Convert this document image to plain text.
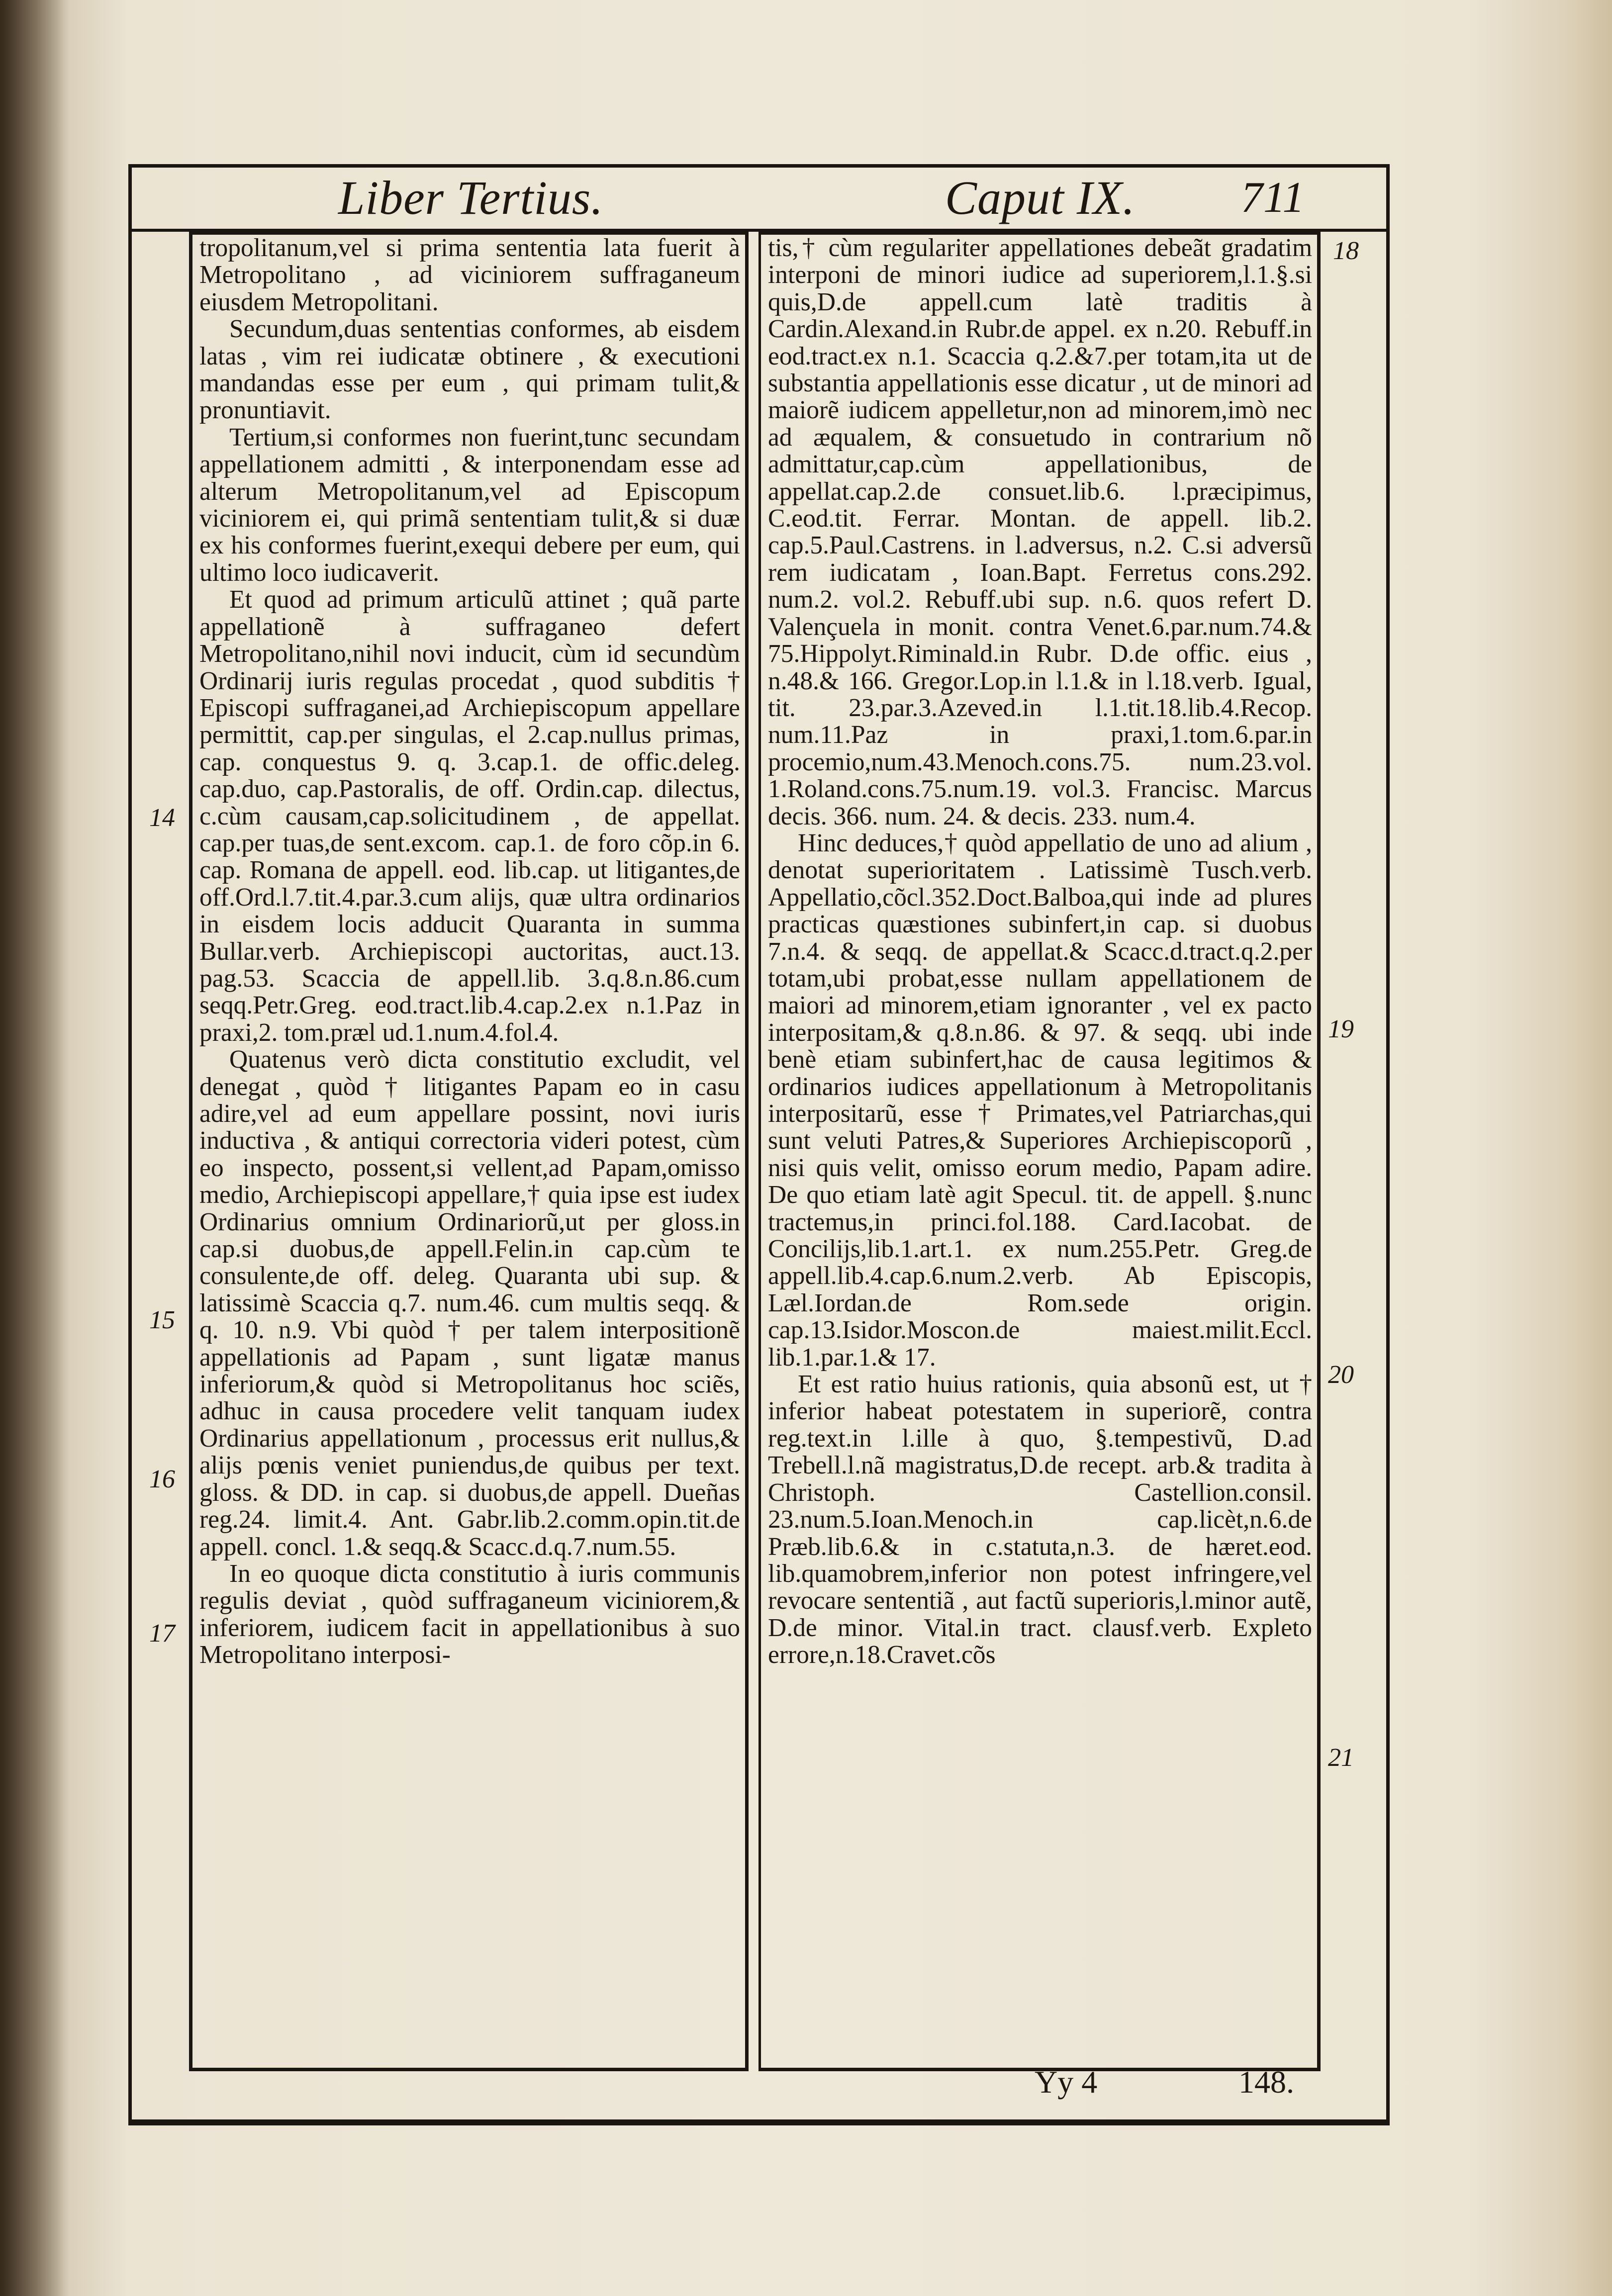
Liber Tertius.	Caput IX. 711

tropolitanum,vel si prima sententia lata fuerit à Metropolitano , ad viciniorem suffraganeum eiusdem Metropolitani.

Secundum,duas sententias conformes, ab eisdem latas , vim rei iudicatæ obtinere , & executioni mandandas esse per eum , qui primam tulit,& pronuntiavit.

Tertium,si conformes non fuerint,tunc secundam appellationem admitti , & interponendam esse ad alterum Metropolitanum,vel ad Episcopum viciniorem ei, qui primã sententiam tulit,& si duæ ex his conformes fuerint,exequi debere per eum, qui ultimo loco iudicaverit.

Et quod ad primum articulũ attinet ; quã parte appellationẽ à suffraganeo defert Metropolitano,nihil novi inducit, cùm id secundùm Ordinarij iuris regulas procedat , quod subditis † Episcopi suffraganei,ad Archiepiscopum appellare permittit, cap.per singulas, el 2.cap.nullus primas, cap. conquestus 9. q. 3.cap.1. de offic.deleg. cap.duo, cap.Pastoralis, de off. Ordin.cap. dilectus, c.cùm causam,cap.solicitudinem , de appellat. cap.per tuas,de sent.excom. cap.1. de foro cõp.in 6. cap. Romana de appell. eod. lib.cap. ut litigantes,de off.Ord.l.7.tit.4.par.3.cum alijs, quæ ultra ordinarios in eisdem locis adducit Quaranta in summa Bullar.verb. Archiepiscopi auctoritas, auct.13. pag.53. Scaccia de appell.lib. 3.q.8.n.86.cum seqq.Petr.Greg. eod.tract.lib.4.cap.2.ex n.1.Paz in praxi,2. tom.præl ud.1.num.4.fol.4.

Quatenus verò dicta constitutio excludit, vel denegat , quòd † litigantes Papam eo in casu adire,vel ad eum appellare possint, novi iuris inductiva , & antiqui correctoria videri potest, cùm eo inspecto, possent,si vellent,ad Papam,omisso medio, Archiepiscopi appellare,† quia ipse est iudex Ordinarius omnium Ordinariorũ,ut per gloss.in cap.si duobus,de appell.Felin.in cap.cùm te consulente,de off. deleg. Quaranta ubi sup. & latissimè Scaccia q.7. num.46. cum multis seqq. & q. 10. n.9. Vbi quòd † per talem interpositionẽ appellationis ad Papam , sunt ligatæ manus inferiorum,& quòd si Metropolitanus hoc sciẽs, adhuc in causa procedere velit tanquam iudex Ordinarius appellationum , processus erit nullus,& alijs pœnis veniet puniendus,de quibus per text. gloss. & DD. in cap. si duobus,de appell. Dueñas reg.24. limit.4. Ant. Gabr.lib.2.comm.opin.tit.de appell. concl. 1.& seqq.& Scacc.d.q.7.num.55.

In eo quoque dicta constitutio à iuris communis regulis deviat , quòd suffraganeum viciniorem,& inferiorem, iudicem facit in appellationibus à suo Metropolitano interposi-

14
15
16
17

tis,† cùm regulariter appellationes debeãt gradatim interponi de minori iudice ad superiorem,l.1.§.si quis,D.de appell.cum latè traditis à Cardin.Alexand.in Rubr.de appel. ex n.20. Rebuff.in eod.tract.ex n.1. Scaccia q.2.&7.per totam,ita ut de substantia appellationis esse dicatur , ut de minori ad maiorẽ iudicem appelletur,non ad minorem,imò nec ad æqualem, & consuetudo in contrarium nõ admittatur,cap.cùm appellationibus, de appellat.cap.2.de consuet.lib.6. l.præcipimus, C.eod.tit. Ferrar. Montan. de appell. lib.2. cap.5.Paul.Castrens. in l.adversus, n.2. C.si adversũ rem iudicatam , Ioan.Bapt. Ferretus cons.292. num.2. vol.2. Rebuff.ubi sup. n.6. quos refert D. Valençuela in monit. contra Venet.6.par.num.74.& 75.Hippolyt.Riminald.in Rubr. D.de offic. eius , n.48.& 166. Gregor.Lop.in l.1.& in l.18.verb. Igual, tit. 23.par.3.Azeved.in l.1.tit.18.lib.4.Recop. num.11.Paz in praxi,1.tom.6.par.in procemio,num.43.Menoch.cons.75. num.23.vol. 1.Roland.cons.75.num.19. vol.3. Francisc. Marcus decis. 366. num. 24. & decis. 233. num.4.

Hinc deduces,† quòd appellatio de uno ad alium , denotat superioritatem . Latissimè Tusch.verb. Appellatio,cõcl.352.Doct.Balboa,qui inde ad plures practicas quæstiones subinfert,in cap. si duobus 7.n.4. & seqq. de appellat.& Scacc.d.tract.q.2.per totam,ubi probat,esse nullam appellationem de maiori ad minorem,etiam ignoranter , vel ex pacto interpositam,& q.8.n.86. & 97. & seqq. ubi inde benè etiam subinfert,hac de causa legitimos & ordinarios iudices appellationum à Metropolitanis interpositarũ, esse † Primates,vel Patriarchas,qui sunt veluti Patres,& Superiores Archiepiscoporũ , nisi quis velit, omisso eorum medio, Papam adire. De quo etiam latè agit Specul. tit. de appell. §.nunc tractemus,in princi.fol.188. Card.Iacobat. de Concilijs,lib.1.art.1. ex num.255.Petr. Greg.de appell.lib.4.cap.6.num.2.verb. Ab Episcopis, Læl.Iordan.de Rom.sede origin. cap.13.Isidor.Moscon.de maiest.milit.Eccl. lib.1.par.1.& 17.

Et est ratio huius rationis, quia absonũ est, ut † inferior habeat potestatem in superiorẽ, contra reg.text.in l.ille à quo, §.tempestivũ, D.ad Trebell.l.nã magistratus,D.de recept. arb.& tradita à Christoph. Castellion.consil. 23.num.5.Ioan.Menoch.in cap.licèt,n.6.de Præb.lib.6.& in c.statuta,n.3. de hæret.eod. lib.quamobrem,inferior non potest infringere,vel revocare sententiã , aut factũ superioris,l.minor autẽ, D.de minor. Vital.in tract. clausf.verb. Expleto errore,n.18.Cravet.cõs

18
19
20
21
Yy 4	148.
